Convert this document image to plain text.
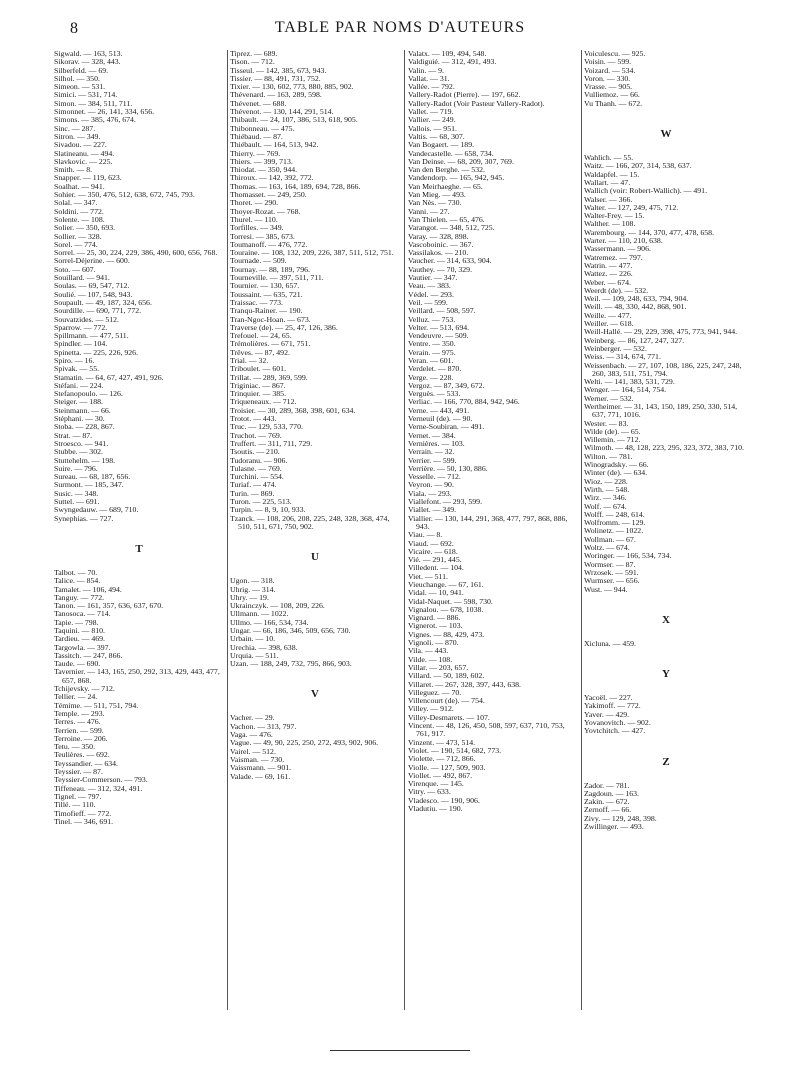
8	TABLE PAR NOMS D'AUTEURS
Sigwald. — 163, 513.
Sikorav. — 328, 443.
Silberfeld. — 69.
Silhol. — 350.
Simeon. — 531.
Simici. — 531, 714.
Simon. — 384, 511, 711.
Simonnet. — 26, 141, 334, 656.
Simons. — 385, 476, 674.
Sinc. — 287.
Sitron. — 349.
Sivadou. — 227.
Slatineanu. — 494.
Slavkovic. — 225.
Smith. — 8.
Snapper. — 119, 623.
Soalhat. — 941.
Sohier. — 350, 476, 512, 638, 672, 745, 793.
Solal. — 347.
Soldini. — 772.
Solente. — 108.
Solier. — 350, 693.
Sollier. — 328.
Sorel. — 774.
Sorrel. — 25, 30, 224, 229, 386, 490, 600, 656, 768.
Sorrel-Déjerine. — 600.
Soto. — 607.
Souillard. — 941.
Soulas. — 69, 547, 712.
Soulié. — 107, 548, 943.
Soupault. — 49, 187, 324, 656.
Sourdille. — 690, 771, 772.
Souvatzides. — 512.
Sparrow. — 772.
Spillmann. — 477, 511.
Spindler. — 104.
Spinetta. — 225, 226, 926.
Spiro. — 16.
Spivak. — 55.
Stamatin. — 64, 67, 427, 491, 926.
Stéfani. — 224.
Stefanopoulo. — 126.
Steiger. — 188.
Steinmann. — 66.
Stéphani. — 30.
Stoba. — 228, 867.
Strat. — 87.
Stroesco. — 941.
Stubbe. — 302.
Stuttehelm. — 198.
Suire. — 796.
Sureau. — 68, 187, 656.
Surmont. — 185, 347.
Susic. — 348.
Suttel. — 691.
Swyngedauw. — 689, 710.
Synephias. — 727.
T
Talbot. — 70.
Talice. — 854.
Tamalet. — 106, 494.
Tanguy. — 772.
Tanon. — 161, 357, 636, 637, 670.
Tanosoca. — 714.
Tapie. — 798.
Taquini. — 810.
Tardieu. — 469.
Targowla. — 397.
Tassitch. — 247, 866.
Taude. — 690.
Tavernier. — 143, 165, 250, 292, 313, 429, 443, 477, 657, 868.
Tchijevsky. — 712.
Tellier. — 24.
Témime. — 511, 751, 794.
Temple. — 293.
Terres. — 476.
Terrien. — 599.
Terroine. — 206.
Tetu. — 350.
Teulières. — 692.
Teyssandier. — 634.
Teyssier. — 87.
Teyssier-Commerson. — 793.
Tiffeneau. — 312, 324, 491.
Tignel. — 797.
Tillé. — 110.
Timofieff. — 772.
Tinel. — 346, 691.
Tiprez. — 689.
Tison. — 712.
Tisseul. — 142, 385, 673, 943.
Tissier. — 88, 491, 731, 752.
Tixier. — 130, 602, 773, 880, 885, 902.
Thévenard. — 163, 289, 598.
Thévenet. — 688.
Thévenot. — 130, 144, 291, 514.
Thibault. — 24, 107, 386, 513, 618, 905.
Thibonneau. — 475.
Thiébaud. — 87.
Thiébault. — 164, 513, 942.
Thierry. — 769.
Thiers. — 399, 713.
Thiodat. — 350, 944.
Thiroux. — 142, 392, 772.
Thomas. — 163, 164, 189, 694, 728, 866.
Thomasset. — 249, 250.
Thoret. — 290.
Thoyer-Rozat. — 768.
Thurel. — 110.
Torfilles. — 349.
Torresi. — 385, 673.
Toumanoff. — 476, 772.
Touraine. — 108, 132, 209, 226, 387, 511, 512, 751.
Tournade. — 509.
Tournay. — 88, 189, 796.
Tourneville. — 397, 511, 711.
Tournier. — 130, 657.
Toussaint. — 635, 721.
Traissac. — 773.
Tranqu-Rainer. — 190.
Tran-Ngoc-Hoan. — 673.
Traverse (de). — 25, 47, 126, 386.
Trefouel. — 24, 65.
Trémolières. — 671, 751.
Trêves. — 87, 492.
Trial. — 32.
Triboulet. — 601.
Trillat. — 289, 369, 599.
Triginiac. — 867.
Trinquier. — 385.
Triqueneaux. — 712.
Troisier. — 30, 289, 368, 398, 601, 634.
Trotot. — 443.
Truc. — 129, 533, 770.
Truchot. — 769.
Truffert. — 311, 711, 729.
Tsoutis. — 210.
Tudoranu. — 906.
Tulasne. — 769.
Turchini. — 554.
Turiaf. — 474.
Turin. — 869.
Turon. — 225, 513.
Turpin. — 8, 9, 10, 933.
Tzanck. — 108, 206, 208, 225, 248, 328, 368, 474, 510, 511, 671, 750, 902.
U
Ugon. — 318.
Uhrig. — 314.
Uhry. — 19.
Ukrainczyk. — 108, 209, 226.
Ullmann. — 1022.
Ullmo. — 166, 534, 734.
Ungar. — 66, 186, 346, 509, 656, 730.
Urbain. — 10.
Urechia. — 398, 638.
Urquia. — 511.
Uzan. — 188, 249, 732, 795, 866, 903.
V
Vacher. — 29.
Vachon. — 313, 797.
Vaga. — 476.
Vague. — 49, 90, 225, 250, 272, 493, 902, 906.
Vairel. — 512.
Vaisman. — 730.
Vaissmann. — 901.
Valade. — 69, 161.
Valatx. — 109, 494, 548.
Valdiguié. — 312, 491, 493.
Valin. — 9.
Vallat. — 31.
Vallée. — 792.
Vallery-Radot (Pierre). — 197, 662.
Vallery-Radot (Voir Pasteur Vallery-Radot).
Vallet. — 719.
Vallier. — 249.
Vallois. — 951.
Valtis. — 68, 307.
Van Bogaert. — 189.
Vandecastelle. — 658, 734.
Van Deinse. — 68, 209, 307, 769.
Van den Berghe. — 532.
Vandendorp. — 165, 942, 945.
Van Meirhaeghe. — 65.
Van Mieg. — 493.
Van Nès. — 730.
Vanni. — 27.
Van Thielen. — 65, 476.
Varangot. — 348, 512, 725.
Varay. — 328, 898.
Vascoboinic. — 367.
Vassilakos. — 210.
Vaucher. — 314, 633, 904.
Vauthey. — 70, 329.
Vautier. — 347.
Veau. — 383.
Védel. — 293.
Veil. — 599.
Veillard. — 508, 597.
Velluz. — 753.
Velter. — 513, 694.
Vendeuvre. — 509.
Ventre. — 350.
Verain. — 975.
Veran. — 601.
Verdelet. — 870.
Verge. — 228.
Vergoz. — 87, 349, 672.
Verguès. — 533.
Verliac. — 166, 770, 884, 942, 946.
Verne. — 443, 491.
Verneuil (de). — 90.
Verne-Soubiran. — 491.
Vernet. — 384.
Vernières. — 103.
Verrain. — 32.
Verrier. — 599.
Verrière. — 50, 130, 886.
Vesselle. — 712.
Veyron. — 90.
Viala. — 293.
Viallefont. — 293, 599.
Viallet. — 349.
Viallier. — 130, 144, 291, 368, 477, 797, 868, 886, 943.
Viau. — 8.
Viaud. — 692.
Vicaire. — 618.
Vié. — 291, 445.
Villedent. — 104.
Viet. — 511.
Vieuchange. — 67, 161.
Vidal. — 10, 941.
Vidal-Naquet. — 598, 730.
Vignalou. — 678, 1038.
Vignard. — 886.
Vignerot. — 103.
Vignes. — 88, 429, 473.
Vignoli. — 870.
Vila. — 443.
Vilde. — 108.
Villar. — 203, 657.
Villard. — 50, 189, 602.
Villaret. — 267, 328, 397, 443, 638.
Villeguez. — 70.
Villencourt (de). — 754.
Villey. — 912.
Villey-Desmarets. — 107.
Vincent. — 48, 126, 450, 508, 597, 637, 710, 753, 761, 917.
Vinzent. — 473, 514.
Violet. — 190, 514, 682, 773.
Violette. — 712, 866.
Violle. — 127, 509, 903.
Viollet. — 492, 867.
Virenque. — 145.
Vitry. — 633.
Vladesco. — 190, 906.
Vladutiu. — 190.
Voiculescu. — 925.
Voisin. — 599.
Voizard. — 534.
Voron. — 330.
Vrasse. — 905.
Vulliemoz. — 66.
Vu Thanh. — 672.
W
Wahlich. — 55.
Waitz. — 166, 207, 314, 538, 637.
Waldapfel. — 15.
Wallart. — 47.
Wallich (voir: Robert-Wallich). — 491.
Walser. — 366.
Walter. — 127, 249, 475, 712.
Walter-Frey. — 15.
Walther. — 108.
Warembourg. — 144, 370, 477, 478, 658.
Warter. — 110, 210, 638.
Wassermann. — 906.
Watremez. — 797.
Watrin. — 477.
Wattez. — 226.
Weber. — 674.
Weerdt (de). — 532.
Weil. — 109, 248, 633, 794, 904.
Weill. — 48, 330, 442, 868, 901.
Weille. — 477.
Weiller. — 618.
Weill-Hallé. — 29, 229, 398, 475, 773, 941, 944.
Weinberg. — 86, 127, 247, 327.
Weinberger. — 532.
Weiss. — 314, 674, 771.
Weissenbach. — 27, 107, 108, 186, 225, 247, 248, 260, 383, 511, 751, 794.
Welti. — 141, 383, 531, 729.
Wenger. — 164, 514, 754.
Werner. — 532.
Wertheimer. — 31, 143, 150, 189, 250, 330, 514, 637, 771, 1016.
Wester. — 83.
Wilde (de). — 65.
Willemin. — 712.
Wilmoth. — 48, 128, 223, 295, 323, 372, 383, 710.
Wilton. — 781.
Winogradsky. — 66.
Winter (de). — 634.
Wioz. — 228.
Wirth. — 548.
Wirz. — 346.
Wolf. — 674.
Wolff. — 248, 614.
Wolfromm. — 129.
Wolinetz. — 1022.
Wollman. — 67.
Woltz. — 674.
Woringer. — 166, 534, 734.
Wormser. — 87.
Wrzosek. — 591.
Wurmser. — 656.
Wust. — 944.
X
Xicluna. — 459.
Y
Yacoël. — 227.
Yakimoff. — 772.
Yaver. — 429.
Yovanovitch. — 902.
Yovtchitch. — 427.
Z
Zador. — 781.
Zagdoun. — 163.
Zakin. — 672.
Zernoff. — 66.
Zivy. — 129, 248, 398.
Zwillinger. — 493.
